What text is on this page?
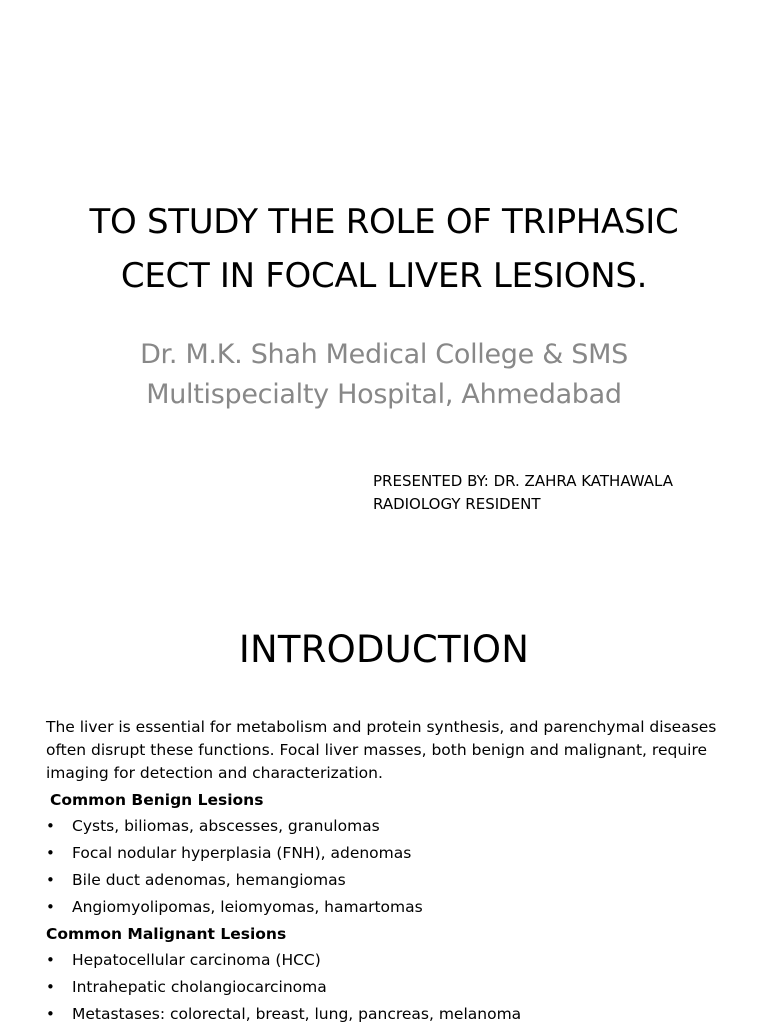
TO STUDY THE ROLE OF TRIPHASIC
CECT IN FOCAL LIVER LESIONS.
Dr. M.K. Shah Medical College & SMS
Multispecialty Hospital, Ahmedabad
PRESENTED BY: DR. ZAHRA KATHAWALA
RADIOLOGY RESIDENT
INTRODUCTION
The liver is essential for metabolism and protein synthesis, and parenchymal diseases
often disrupt these functions. Focal liver masses, both benign and malignant, require
imaging for detection and characterization.
Common Benign Lesions
• Cysts, biliomas, abscesses, granulomas
• Focal nodular hyperplasia (FNH), adenomas
• Bile duct adenomas, hemangiomas
• Angiomyolipomas, leiomyomas, hamartomas
Common Malignant Lesions
• Hepatocellular carcinoma (HCC)
• Intrahepatic cholangiocarcinoma
• Metastases: colorectal, breast, lung, pancreas, melanoma
